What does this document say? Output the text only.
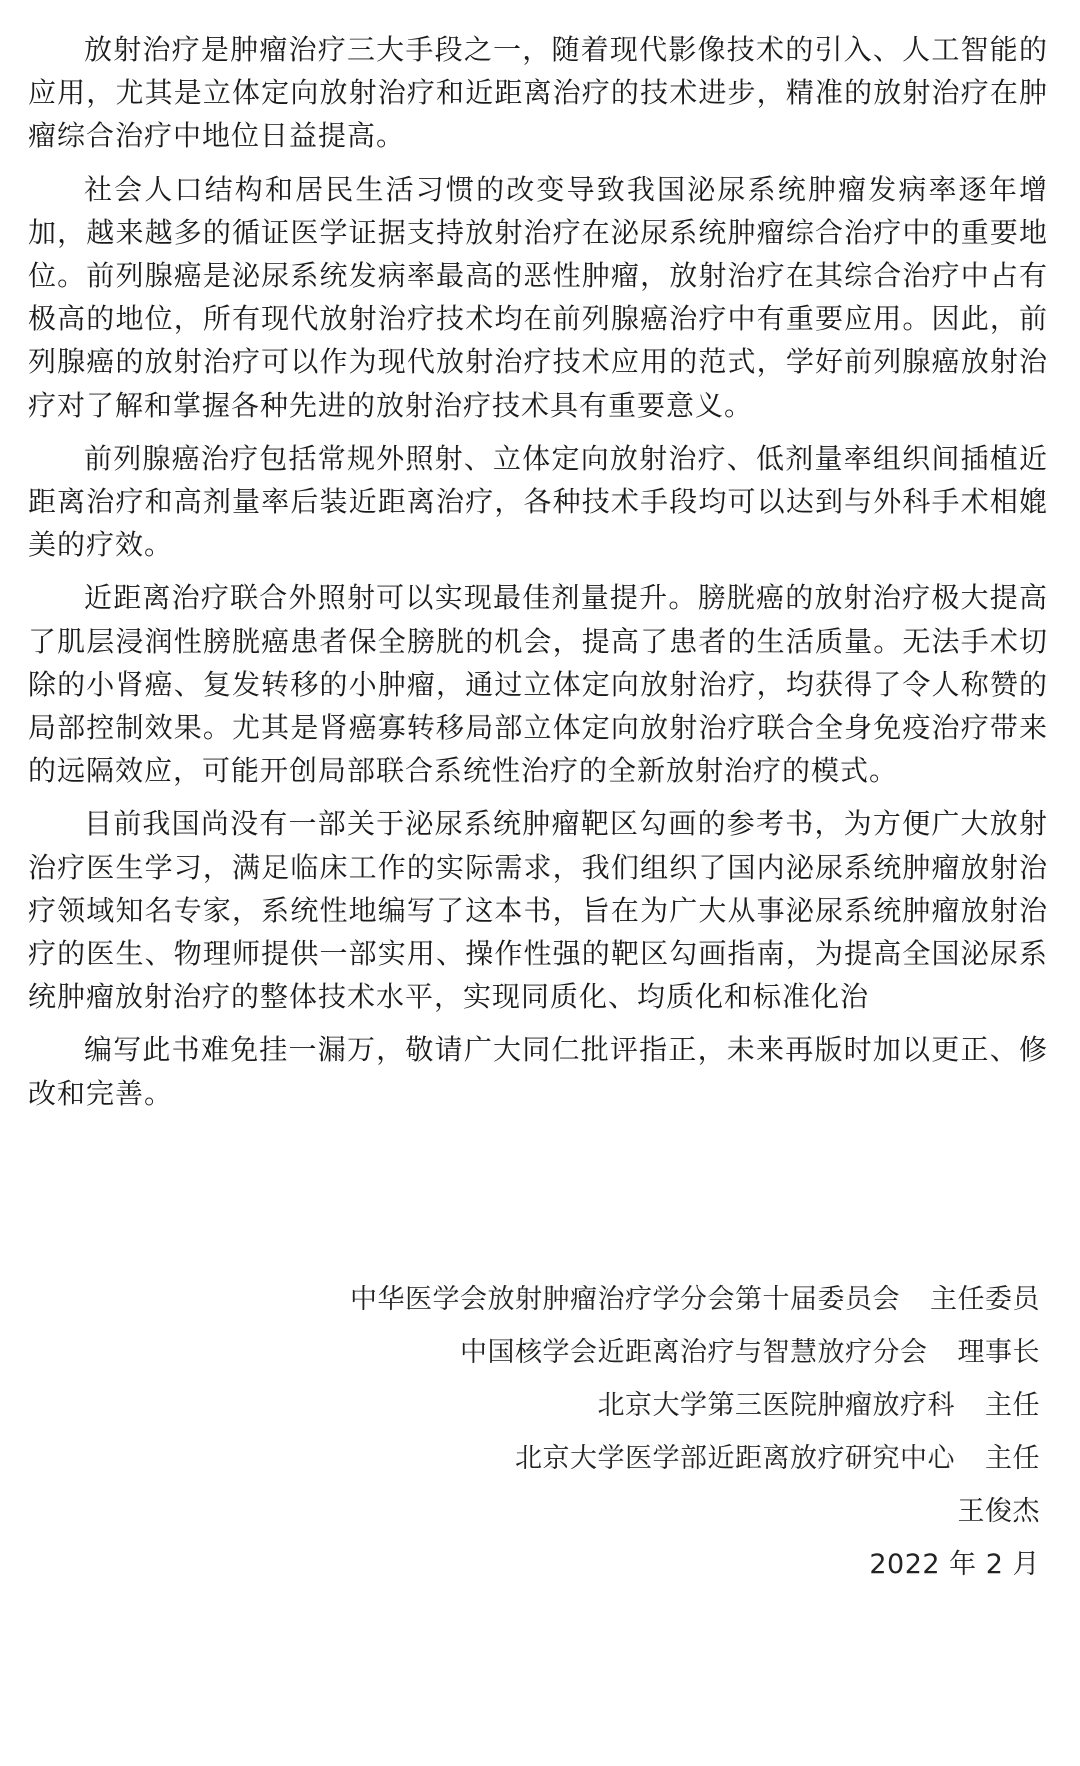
放射治疗是肿瘤治疗三大手段之一，随着现代影像技术的引入、人工智能的应用，尤其是立体定向放射治疗和近距离治疗的技术进步，精准的放射治疗在肿瘤综合治疗中地位日益提高。

社会人口结构和居民生活习惯的改变导致我国泌尿系统肿瘤发病率逐年增加，越来越多的循证医学证据支持放射治疗在泌尿系统肿瘤综合治疗中的重要地位。前列腺癌是泌尿系统发病率最高的恶性肿瘤，放射治疗在其综合治疗中占有极高的地位，所有现代放射治疗技术均在前列腺癌治疗中有重要应用。因此，前列腺癌的放射治疗可以作为现代放射治疗技术应用的范式，学好前列腺癌放射治疗对了解和掌握各种先进的放射治疗技术具有重要意义。

前列腺癌治疗包括常规外照射、立体定向放射治疗、低剂量率组织间插植近距离治疗和高剂量率后装近距离治疗，各种技术手段均可以达到与外科手术相媲美的疗效。

近距离治疗联合外照射可以实现最佳剂量提升。膀胱癌的放射治疗极大提高了肌层浸润性膀胱癌患者保全膀胱的机会，提高了患者的生活质量。无法手术切除的小肾癌、复发转移的小肿瘤，通过立体定向放射治疗，均获得了令人称赞的局部控制效果。尤其是肾癌寡转移局部立体定向放射治疗联合全身免疫治疗带来的远隔效应，可能开创局部联合系统性治疗的全新放射治疗的模式。

目前我国尚没有一部关于泌尿系统肿瘤靶区勾画的参考书，为方便广大放射治疗医生学习，满足临床工作的实际需求，我们组织了国内泌尿系统肿瘤放射治疗领域知名专家，系统性地编写了这本书，旨在为广大从事泌尿系统肿瘤放射治疗的医生、物理师提供一部实用、操作性强的靶区勾画指南，为提高全国泌尿系统肿瘤放射治疗的整体技术水平，实现同质化、均质化和标准化治

编写此书难免挂一漏万，敬请广大同仁批评指正，未来再版时加以更正、修改和完善。

中华医学会放射肿瘤治疗学分会第十届委员会 主任委员
中国核学会近距离治疗与智慧放疗分会 理事长
北京大学第三医院肿瘤放疗科 主任
北京大学医学部近距离放疗研究中心 主任
王俊杰
2022 年 2 月
